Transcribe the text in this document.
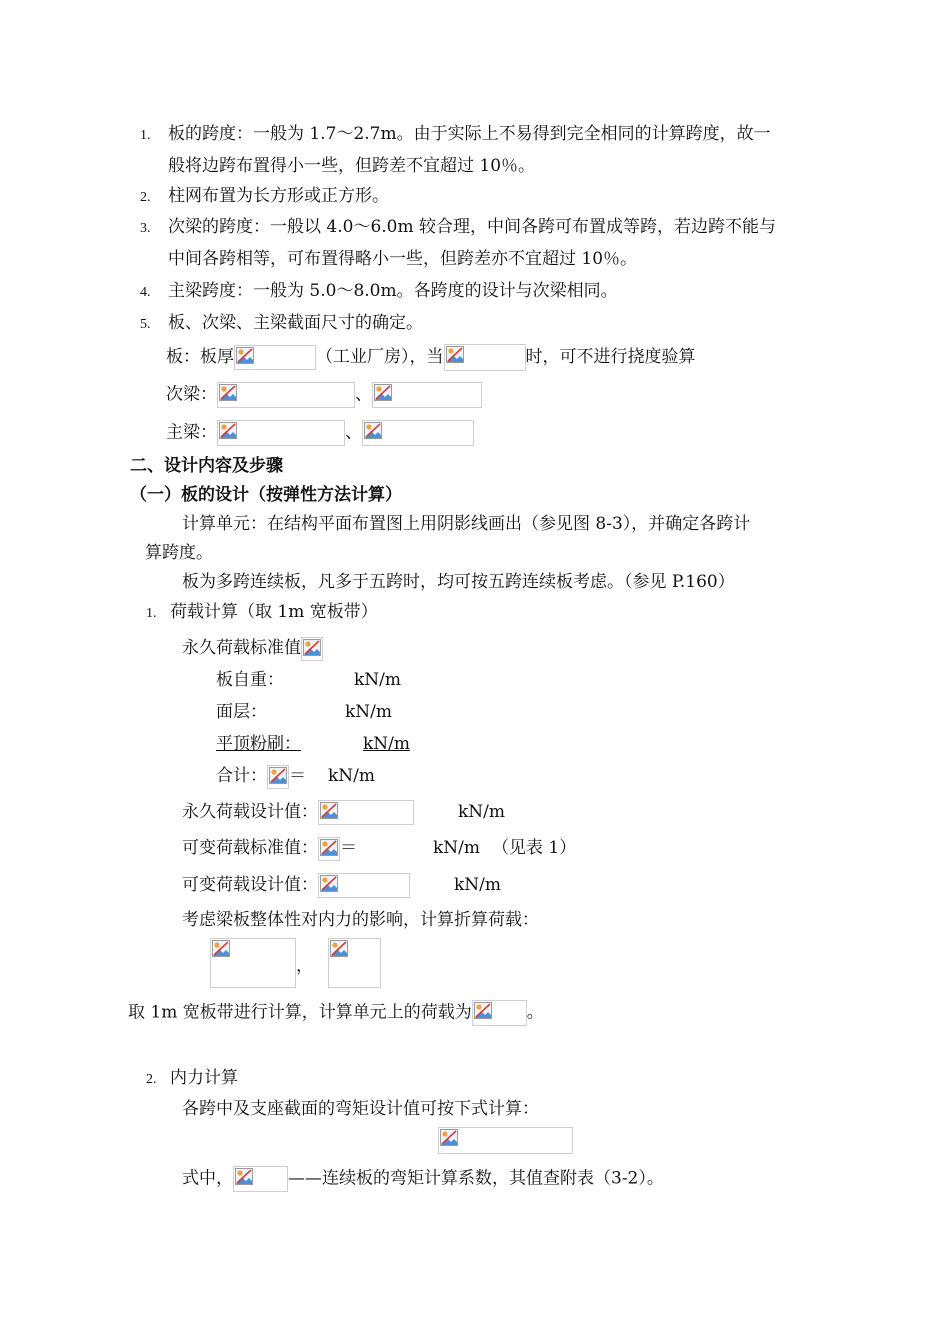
1. 板的跨度：一般为 1.7～2.7m。由于实际上不易得到完全相同的计算跨度，故一
般将边跨布置得小一些，但跨差不宜超过 10％。
2. 柱网布置为长方形或正方形。
3. 次梁的跨度：一般以 4.0～6.0m 较合理，中间各跨可布置成等跨，若边跨不能与
中间各跨相等，可布置得略小一些，但跨差亦不宜超过 10％。
4. 主梁跨度：一般为 5.0～8.0m。各跨度的设计与次梁相同。
5. 板、次梁、主梁截面尺寸的确定。
板：板厚	（工业厂房），当	时，可不进行挠度验算
次梁：	、
主梁：	、
二、设计内容及步骤
（一）板的设计（按弹性方法计算）
计算单元：在结构平面布置图上用阴影线画出（参见图 8-3），并确定各跨计
算跨度。
板为多跨连续板，凡多于五跨时，均可按五跨连续板考虑。（参见 P.160）
1. 荷载计算（取 1m 宽板带）
永久荷载标准值
板自重：	kN/m
面层：	kN/m
平顶粉刷：	kN/m
合计： ＝ kN/m
永久荷载设计值：	kN/m
可变荷载标准值： ＝	kN/m （见表 1）
可变荷载设计值：	kN/m
考虑梁板整体性对内力的影响，计算折算荷载：
，
取 1m 宽板带进行计算，计算单元上的荷载为	。
2. 内力计算
各跨中及支座截面的弯矩设计值可按下式计算：
式中，	——连续板的弯矩计算系数，其值查附表（3-2）。
